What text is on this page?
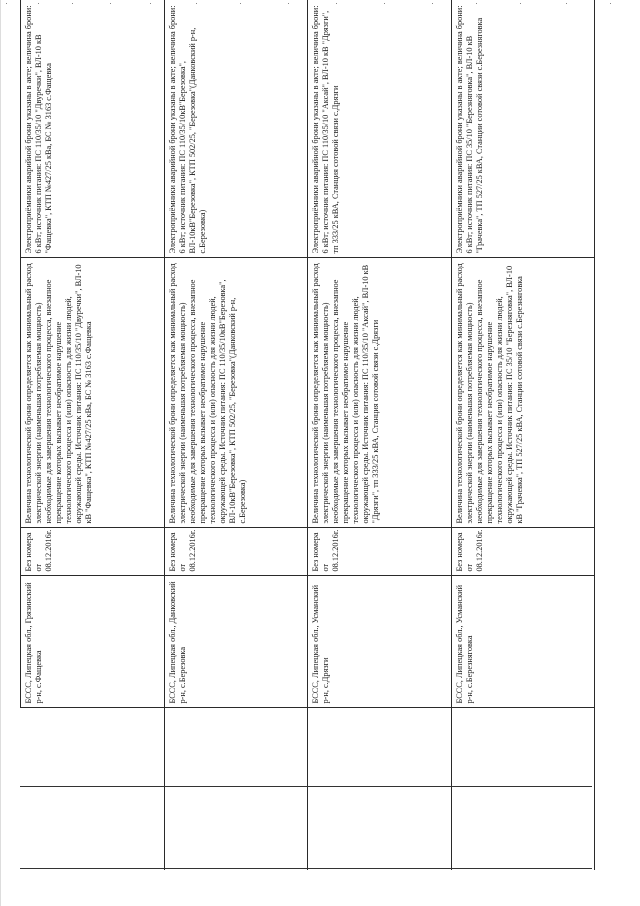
	БССС, Липецкая обл., Грязинский р-н, с.Фащевка	Без номера от 08.12.2016г.	Величина технологической брони определяется как минимальный расход электрической энергии (наименьшая потребляемая мощность) необходимые для завершения технологического процесса, внезапное прекращение которых вызывает необратимое нарушение технологического процесса и (или) опасность для жизни людей, окружающей среды. Источник питания: ПС 110/35/10 "Двуречки", ВЛ-10 кВ "Фащевка", КТП №427/25 кВа, БС № 3163 с.Фащевка	Электроприёмники аварийной брони указаны в акте; величина брони: 6 кВт; источник питания: ПС 110/35/10 "Двуречки", ВЛ-10 кВ "Фащевка", КТП №427/25 кВа, БС № 3163 с.Фащевка

	БССС, Липецкая обл., Данковский р-н, с.Березовка	Без номера от 08.12.2016г.	Величина технологической брони определяется как минимальный расход электрической энергии (наименьшая потребляемая мощность) необходимые для завершения технологического процесса, внезапное прекращение которых вызывает необратимое нарушение технологического процесса и (или) опасность для жизни людей, окружающей среды. Источник питания: ПС 110/35/10кВ"Березовка", ВЛ-10кВ"Березовка", КТП 502/25, "Березовка"(Данковский р-н, с.Березовка)	Электроприёмники аварийной брони указаны в акте; величина брони: 6 кВт; источник питания: ПС 110/35/10кВ"Березовка", ВЛ-10кВ"Березовка", КТП 502/25, "Березовка"(Данковский р-н, с.Березовка)

	БССС, Липецкая обл., Усманский р-н, с.Дрязги	Без номера от 08.12.2016г.	Величина технологической брони определяется как минимальный расход электрической энергии (наименьшая потребляемая мощность) необходимые для завершения технологического процесса, внезапное прекращение которых вызывает необратимое нарушение технологического процесса и (или) опасность для жизни людей, окружающей среды. Источник питания: ПС 110/35/10 "Аксай", ВЛ-10 кВ "Дрязги", тп 333/25 кВА, Станция сотовой связи с.Дрязги	Электроприёмники аварийной брони указаны в акте; величина брони: 6 кВт; источник питания: ПС 110/35/10 "Аксай", ВЛ-10 кВ "Дрязги", тп 333/25 кВА, Станция сотовой связи с.Дрязги

	БССС, Липецкая обл., Усманский р-н, с.Березняговка	Без номера от 08.12.2016г.	Величина технологической брони определяется как минимальный расход электрической энергии (наименьшая потребляемая мощность) необходимые для завершения технологического процесса, внезапное прекращение которых вызывает необратимое нарушение технологического процесса и (или) опасность для жизни людей, окружающей среды. Источник питания: ПС 35/10 "Березняговка", ВЛ-10 кВ "Грачевка", ТП 527/25 кВА, Станции сотовой связи с.Березняговка	Электроприёмники аварийной брони указаны в акте; величина брони: 6 кВт; источник питания: ПС 35/10 "Березняговка", ВЛ-10 кВ "Грачевка", ТП 527/25 кВА, Станции сотовой связи с.Березняговка
